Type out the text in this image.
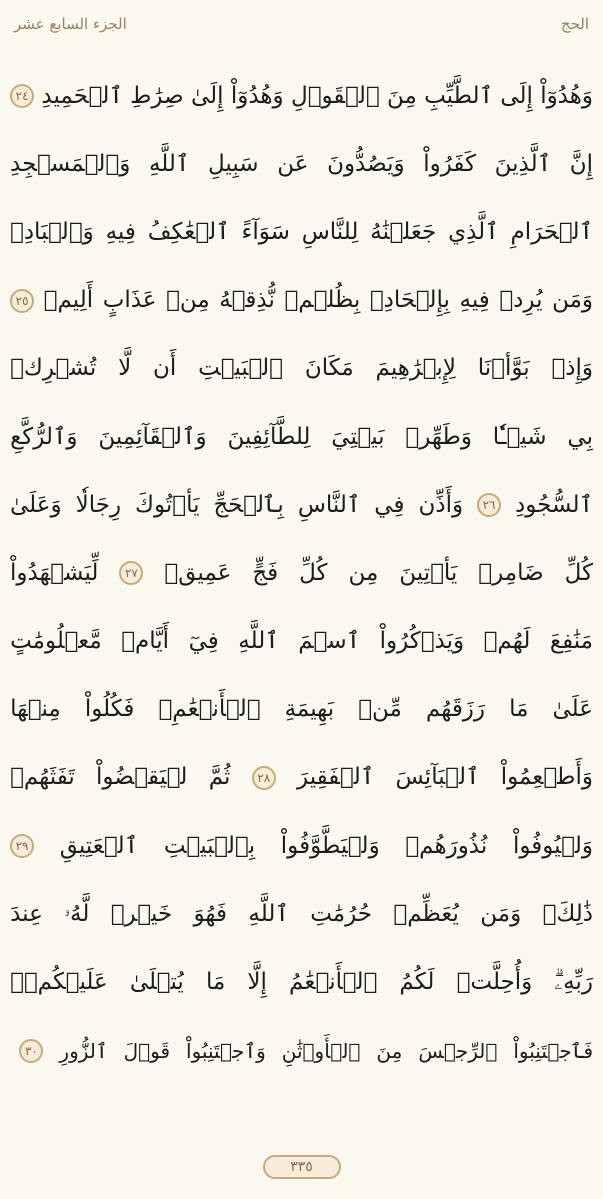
الجزء السابع عشر	الحج
وَهُدُوٓاْ
إِلَى
ٱلطَّيِّبِ
مِنَ
ٱلۡقَوۡلِ
وَهُدُوٓاْ
إِلَىٰ
صِرَٰطِ
ٱلۡحَمِيدِ
٢٤
إِنَّ
ٱلَّذِينَ
كَفَرُواْ
وَيَصُدُّونَ
عَن
سَبِيلِ
ٱللَّهِ
وَٱلۡمَسۡجِدِ
ٱلۡحَرَامِ
ٱلَّذِي
جَعَلۡنَٰهُ
لِلنَّاسِ
سَوَآءً
ٱلۡعَٰكِفُ
فِيهِ
وَٱلۡبَادِۚ
وَمَن
يُرِدۡ
فِيهِ
بِإِلۡحَادِۭ
بِظُلۡمٖ
نُّذِقۡهُ
مِنۡ
عَذَابٍ
أَلِيمٖ
٢٥
وَإِذۡ
بَوَّأۡنَا
لِإِبۡرَٰهِيمَ
مَكَانَ
ٱلۡبَيۡتِ
أَن
لَّا
تُشۡرِكۡ
بِي
شَيۡـٔٗا
وَطَهِّرۡ
بَيۡتِيَ
لِلطَّآئِفِينَ
وَٱلۡقَآئِمِينَ
وَٱلرُّكَّعِ
ٱلسُّجُودِ
٢٦
وَأَذِّن
فِي
ٱلنَّاسِ
بِٱلۡحَجِّ
يَأۡتُوكَ
رِجَالٗا
وَعَلَىٰ
كُلِّ
ضَامِرٖ
يَأۡتِينَ
مِن
كُلِّ
فَجٍّ
عَمِيقٖ
٢٧
لِّيَشۡهَدُواْ
مَنَٰفِعَ
لَهُمۡ
وَيَذۡكُرُواْ
ٱسۡمَ
ٱللَّهِ
فِيٓ
أَيَّامٖ
مَّعۡلُومَٰتٍ
عَلَىٰ
مَا
رَزَقَهُم
مِّنۢ
بَهِيمَةِ
ٱلۡأَنۡعَٰمِۖ
فَكُلُواْ
مِنۡهَا
وَأَطۡعِمُواْ
ٱلۡبَآئِسَ
ٱلۡفَقِيرَ
٢٨
ثُمَّ
لۡيَقۡضُواْ
تَفَثَهُمۡ
وَلۡيُوفُواْ
نُذُورَهُمۡ
وَلۡيَطَّوَّفُواْ
بِٱلۡبَيۡتِ
ٱلۡعَتِيقِ
٢٩
ذَٰلِكَۖ
وَمَن
يُعَظِّمۡ
حُرُمَٰتِ
ٱللَّهِ
فَهُوَ
خَيۡرٞ
لَّهُۥ
عِندَ
رَبِّهِۦۗ
وَأُحِلَّتۡ
لَكُمُ
ٱلۡأَنۡعَٰمُ
إِلَّا
مَا
يُتۡلَىٰ
عَلَيۡكُمۡۖ
فَٱجۡتَنِبُواْ
ٱلرِّجۡسَ
مِنَ
ٱلۡأَوۡثَٰنِ
وَٱجۡتَنِبُواْ
قَوۡلَ
ٱلزُّورِ
٣٠
٣٣٥
